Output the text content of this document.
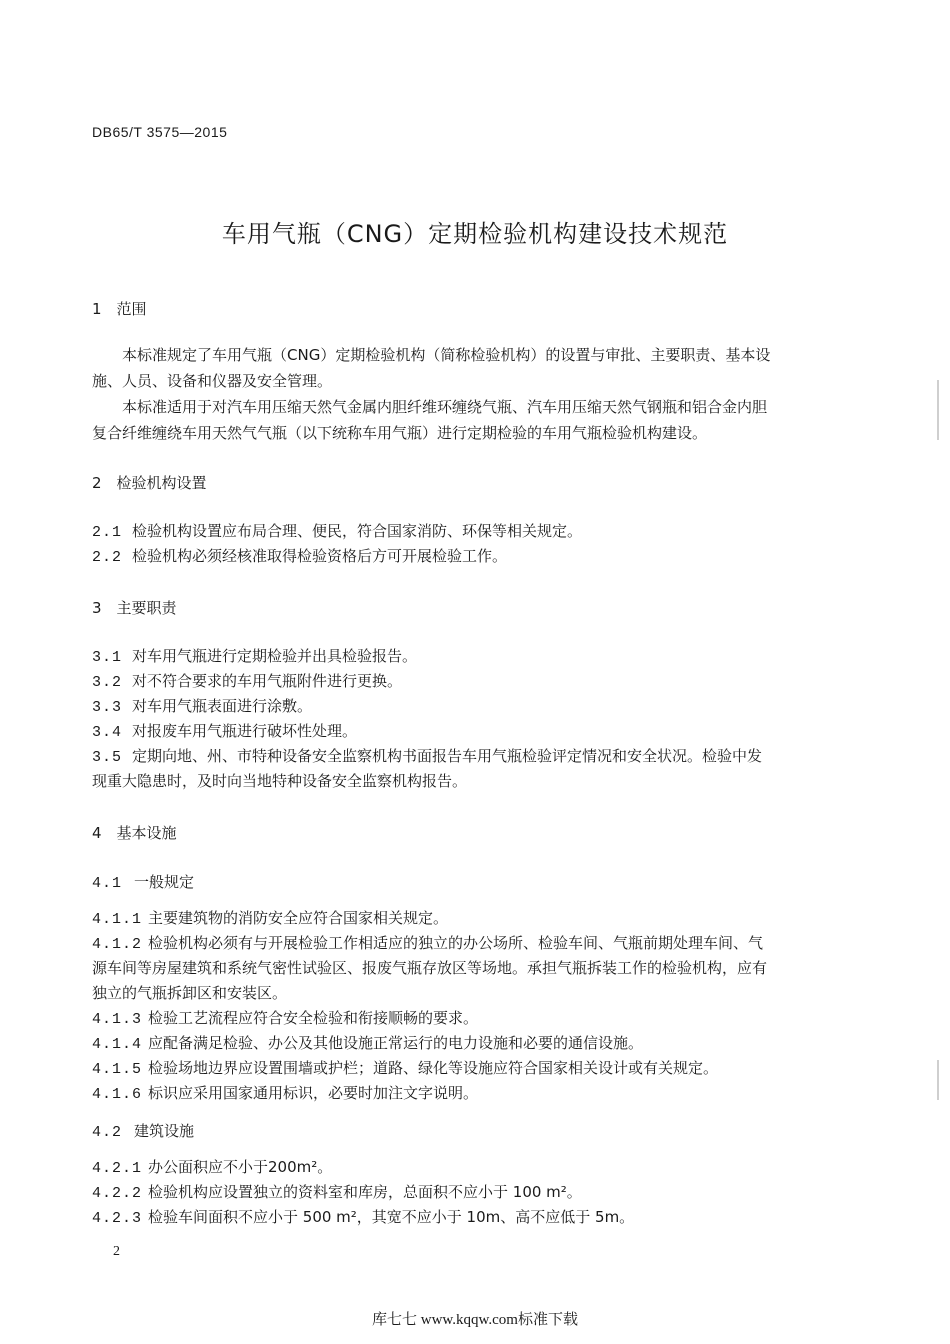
DB65/T 3575—2015
车用气瓶（CNG）定期检验机构建设技术规范
1　范围
本标准规定了车用气瓶（CNG）定期检验机构（简称检验机构）的设置与审批、主要职责、基本设
施、人员、设备和仪器及安全管理。
本标准适用于对汽车用压缩天然气金属内胆纤维环缠绕气瓶、汽车用压缩天然气钢瓶和铝合金内胆
复合纤维缠绕车用天然气气瓶（以下统称车用气瓶）进行定期检验的车用气瓶检验机构建设。
2　检验机构设置
2.1 检验机构设置应布局合理、便民，符合国家消防、环保等相关规定。
2.2 检验机构必须经核准取得检验资格后方可开展检验工作。
3　主要职责
3.1 对车用气瓶进行定期检验并出具检验报告。
3.2 对不符合要求的车用气瓶附件进行更换。
3.3 对车用气瓶表面进行涂敷。
3.4 对报废车用气瓶进行破坏性处理。
3.5 定期向地、州、市特种设备安全监察机构书面报告车用气瓶检验评定情况和安全状况。检验中发
现重大隐患时，及时向当地特种设备安全监察机构报告。
4　基本设施
4.1 一般规定
4.1.1 主要建筑物的消防安全应符合国家相关规定。
4.1.2 检验机构必须有与开展检验工作相适应的独立的办公场所、检验车间、气瓶前期处理车间、气
源车间等房屋建筑和系统气密性试验区、报废气瓶存放区等场地。承担气瓶拆装工作的检验机构，应有
独立的气瓶拆卸区和安装区。
4.1.3 检验工艺流程应符合安全检验和衔接顺畅的要求。
4.1.4 应配备满足检验、办公及其他设施正常运行的电力设施和必要的通信设施。
4.1.5 检验场地边界应设置围墙或护栏；道路、绿化等设施应符合国家相关设计或有关规定。
4.1.6 标识应采用国家通用标识，必要时加注文字说明。
4.2 建筑设施
4.2.1 办公面积应不小于200m²。
4.2.2 检验机构应设置独立的资料室和库房，总面积不应小于 100 m²。
4.2.3 检验车间面积不应小于 500 m²，其宽不应小于 10m、高不应低于 5m。
2
库七七 www.kqqw.com标准下载
